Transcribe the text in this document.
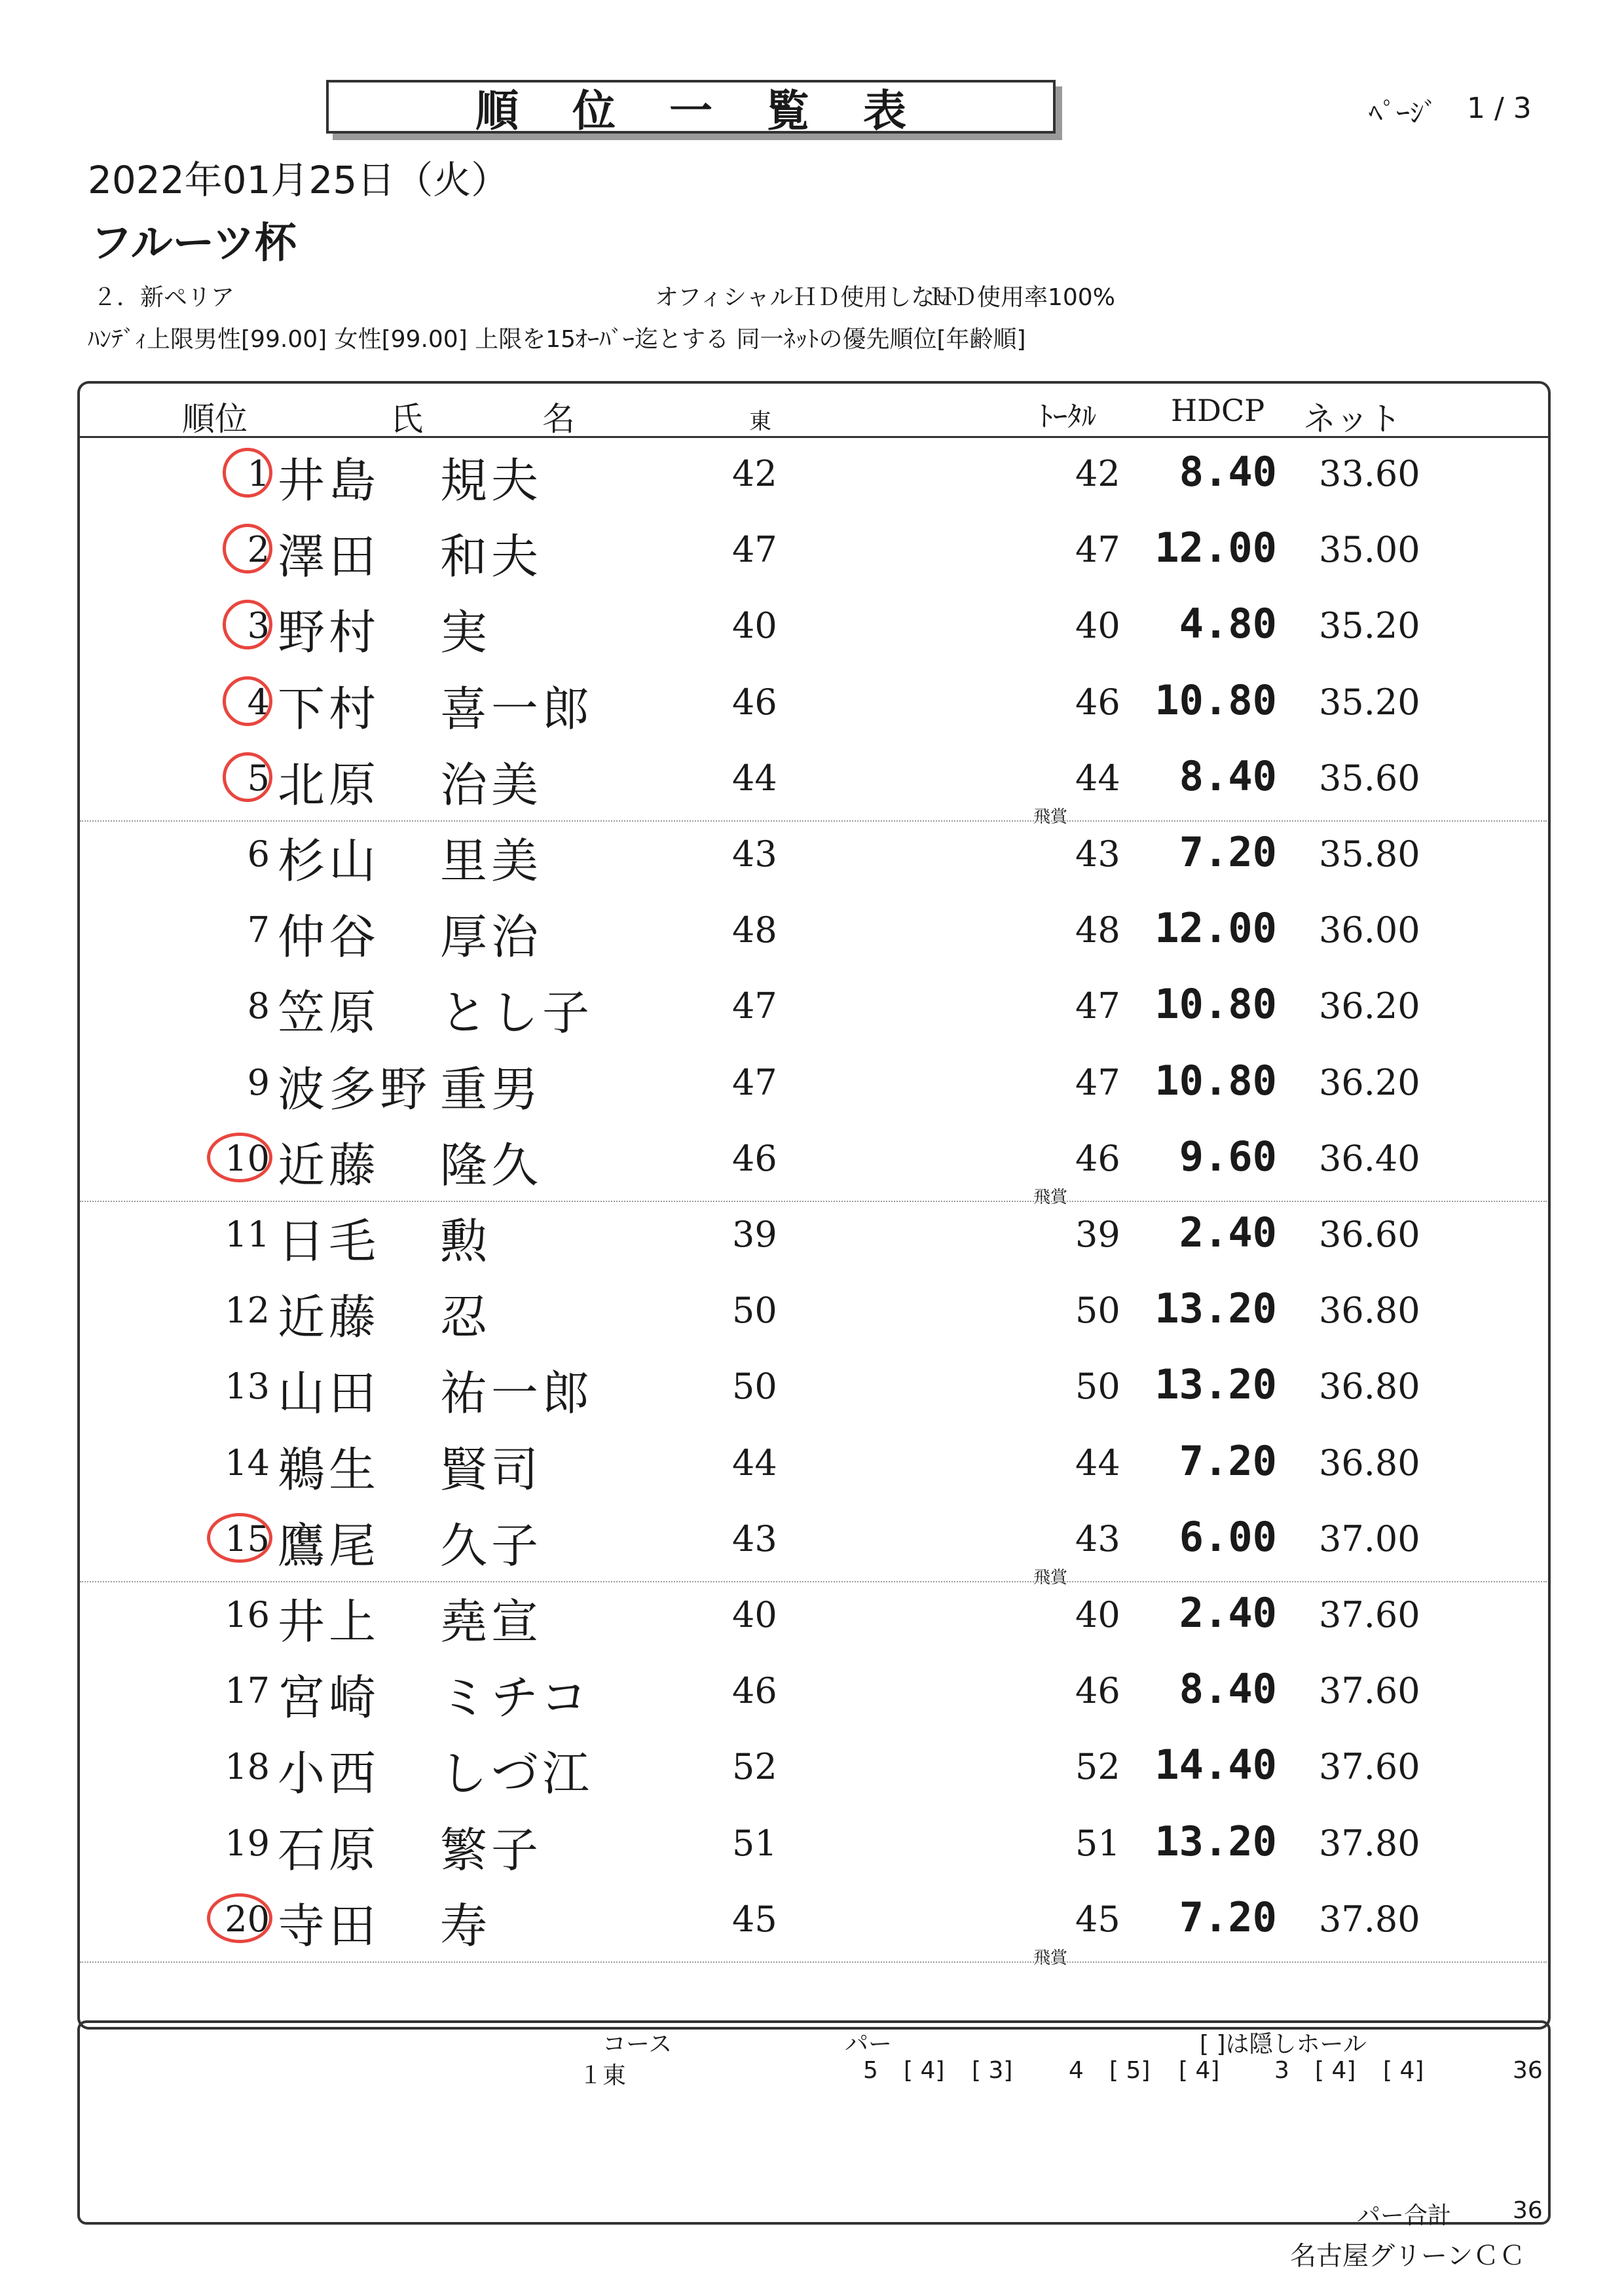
順位一覧表	ﾍﾟｰｼﾞ 1 / 3
2022年01月25日（火）
フルーツ杯
２．新ペリア	オフィシャルＨＤ使用しない
ＨＤ使用率100%
ﾊﾝﾃﾞｨ上限男性[99.00] 女性[99.00] 上限を15ｵｰﾊﾞｰ迄とする 同一ﾈｯﾄの優先順位[年齢順]
順位	氏	名	東	ﾄｰﾀﾙ HDCP ネット
1 井島 規夫	42	42 8.40 33.60
2 澤田 和夫	47	47 12.00 35.00
3 野村 実	40	40 4.80 35.20
4 下村 喜一郎	46	46 10.80 35.20
5 北原 治美	44	44 8.40 35.60
飛賞
6 杉山 里美	43	43 7.20 35.80
7 仲谷 厚治	48	48 12.00 36.00
8 笠原 とし子	47	47 10.80 36.20
9 波多野 重男	47	47 10.80 36.20
10 近藤 隆久	46	46 9.60 36.40
飛賞
11 日毛 勲	39	39 2.40 36.60
12 近藤 忍	50	50 13.20 36.80
13 山田 祐一郎	50	50 13.20 36.80
14 鵜生 賢司	44	44 7.20 36.80
15 鷹尾 久子	43	43 6.00 37.00
飛賞
16 井上 堯宣	40	40 2.40 37.60
17 宮崎 ミチコ	46	46 8.40 37.60
18 小西 しづ江	52	52 14.40 37.60
19 石原 繁子	51	51 13.20 37.80
20 寺田 寿	45	45 7.20 37.80
飛賞
コース	パー	[ ]は隠しホール
１東	5 [ 4] [ 3] 4 [ 5] [ 4] 3 [ 4] [ 4]	36
パー合計	36
名古屋グリーンＣＣ
